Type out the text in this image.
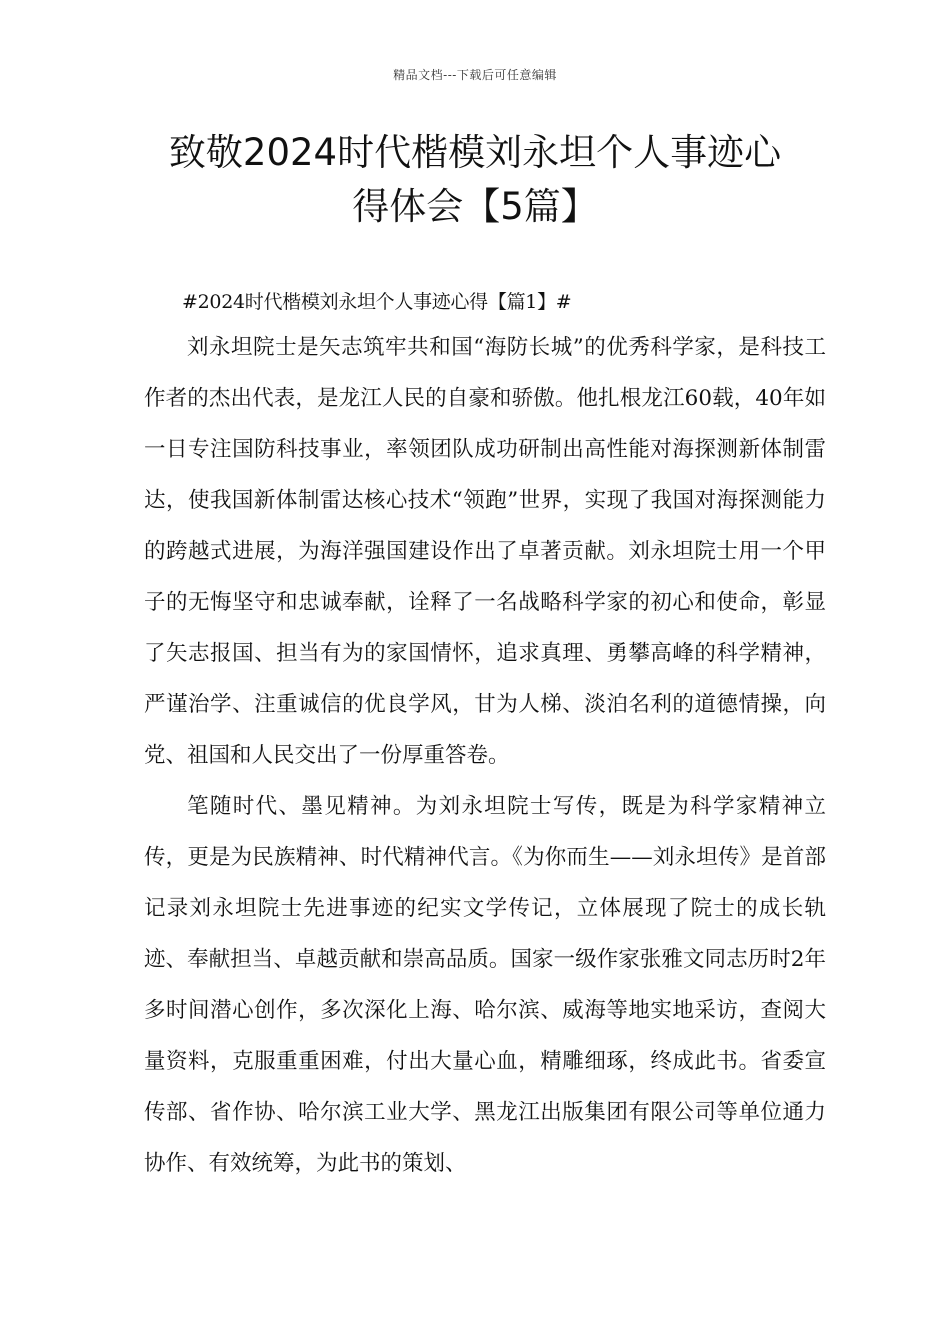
精品文档---下载后可任意编辑
致敬2024时代楷模刘永坦个人事迹心
得体会【5篇】

#2024时代楷模刘永坦个人事迹心得【篇1】#

刘永坦院士是矢志筑牢共和国“海防长城”的优秀科学家，是科技工作者的杰出代表，是龙江人民的自豪和骄傲。他扎根龙江60载，40年如一日专注国防科技事业，率领团队成功研制出高性能对海探测新体制雷达，使我国新体制雷达核心技术“领跑”世界，实现了我国对海探测能力的跨越式进展，为海洋强国建设作出了卓著贡献。刘永坦院士用一个甲子的无悔坚守和忠诚奉献，诠释了一名战略科学家的初心和使命，彰显了矢志报国、担当有为的家国情怀，追求真理、勇攀高峰的科学精神，严谨治学、注重诚信的优良学风，甘为人梯、淡泊名利的道德情操，向党、祖国和人民交出了一份厚重答卷。

笔随时代、墨见精神。为刘永坦院士写传，既是为科学家精神立传，更是为民族精神、时代精神代言。《为你而生——刘永坦传》是首部记录刘永坦院士先进事迹的纪实文学传记，立体展现了院士的成长轨迹、奉献担当、卓越贡献和崇高品质。国家一级作家张雅文同志历时2年多时间潜心创作，多次深化上海、哈尔滨、威海等地实地采访，查阅大量资料，克服重重困难，付出大量心血，精雕细琢，终成此书。省委宣传部、省作协、哈尔滨工业大学、黑龙江出版集团有限公司等单位通力协作、有效统筹，为此书的策划、
